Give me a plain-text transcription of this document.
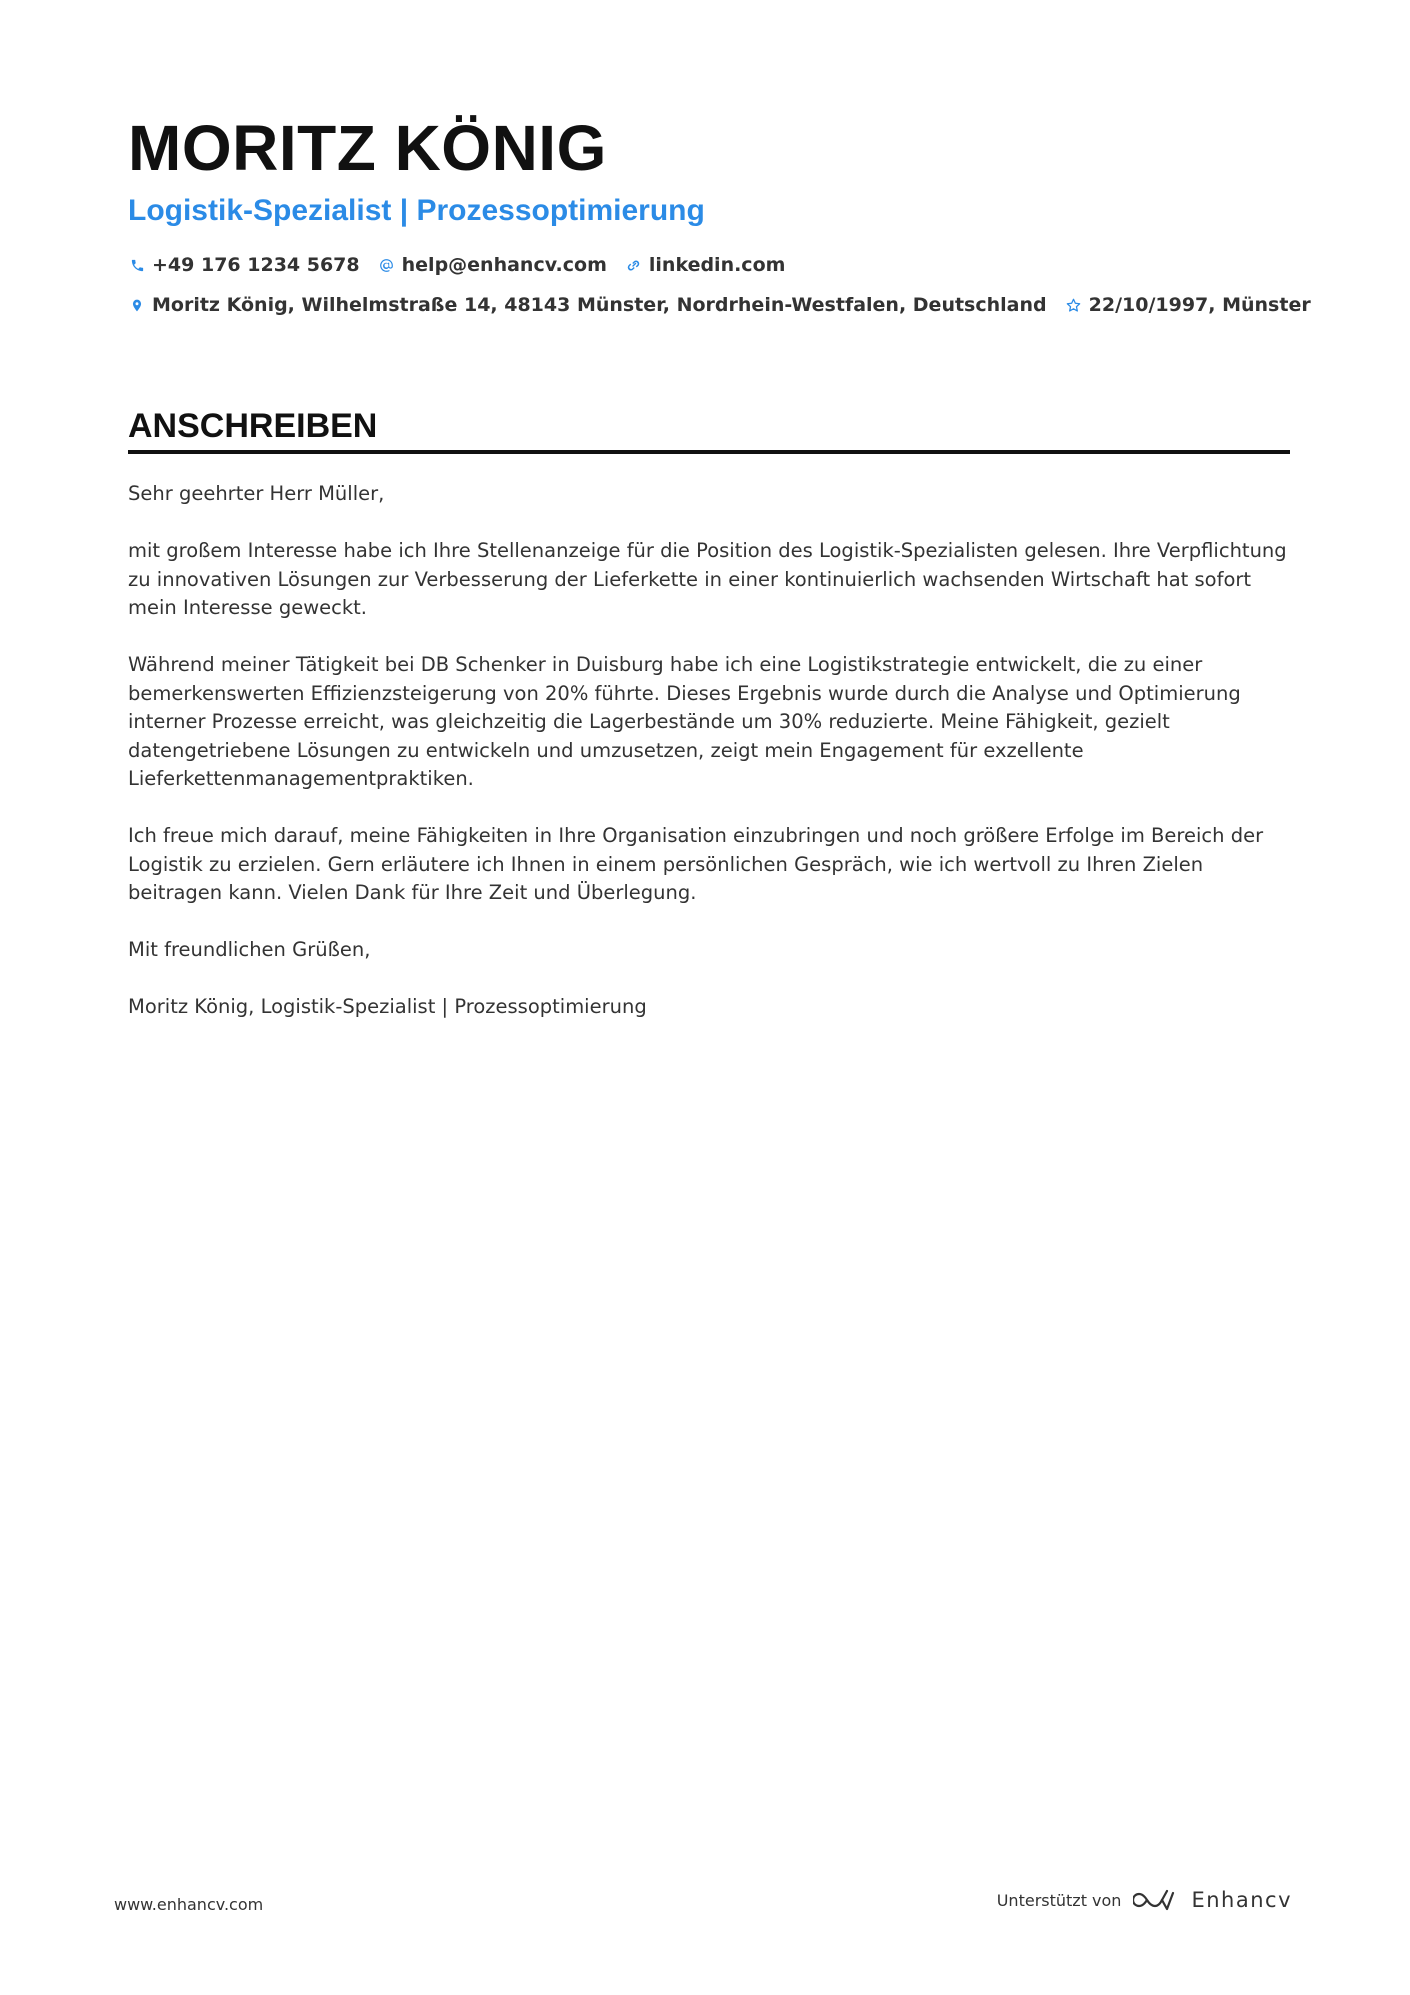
MORITZ KÖNIG
Logistik-Spezialist | Prozessoptimierung
+49 176 1234 5678 help@enhancv.com linkedin.com
Moritz König, Wilhelmstraße 14, 48143 Münster, Nordrhein-Westfalen, Deutschland 22/10/1997, Münster
ANSCHREIBEN

Sehr geehrter Herr Müller,

mit großem Interesse habe ich Ihre Stellenanzeige für die Position des Logistik-Spezialisten gelesen. Ihre Verpflichtung zu innovativen Lösungen zur Verbesserung der Lieferkette in einer kontinuierlich wachsenden Wirtschaft hat sofort mein Interesse geweckt.

Während meiner Tätigkeit bei DB Schenker in Duisburg habe ich eine Logistikstrategie entwickelt, die zu einer bemerkenswerten Effizienzsteigerung von 20% führte. Dieses Ergebnis wurde durch die Analyse und Optimierung interner Prozesse erreicht, was gleichzeitig die Lagerbestände um 30% reduzierte. Meine Fähigkeit, gezielt datengetriebene Lösungen zu entwickeln und umzusetzen, zeigt mein Engagement für exzellente Lieferkettenmanagementpraktiken.

Ich freue mich darauf, meine Fähigkeiten in Ihre Organisation einzubringen und noch größere Erfolge im Bereich der Logistik zu erzielen. Gern erläutere ich Ihnen in einem persönlichen Gespräch, wie ich wertvoll zu Ihren Zielen beitragen kann. Vielen Dank für Ihre Zeit und Überlegung.

Mit freundlichen Grüßen,

Moritz König, Logistik-Spezialist | Prozessoptimierung

www.enhancv.com	Unterstützt von	Enhancv
